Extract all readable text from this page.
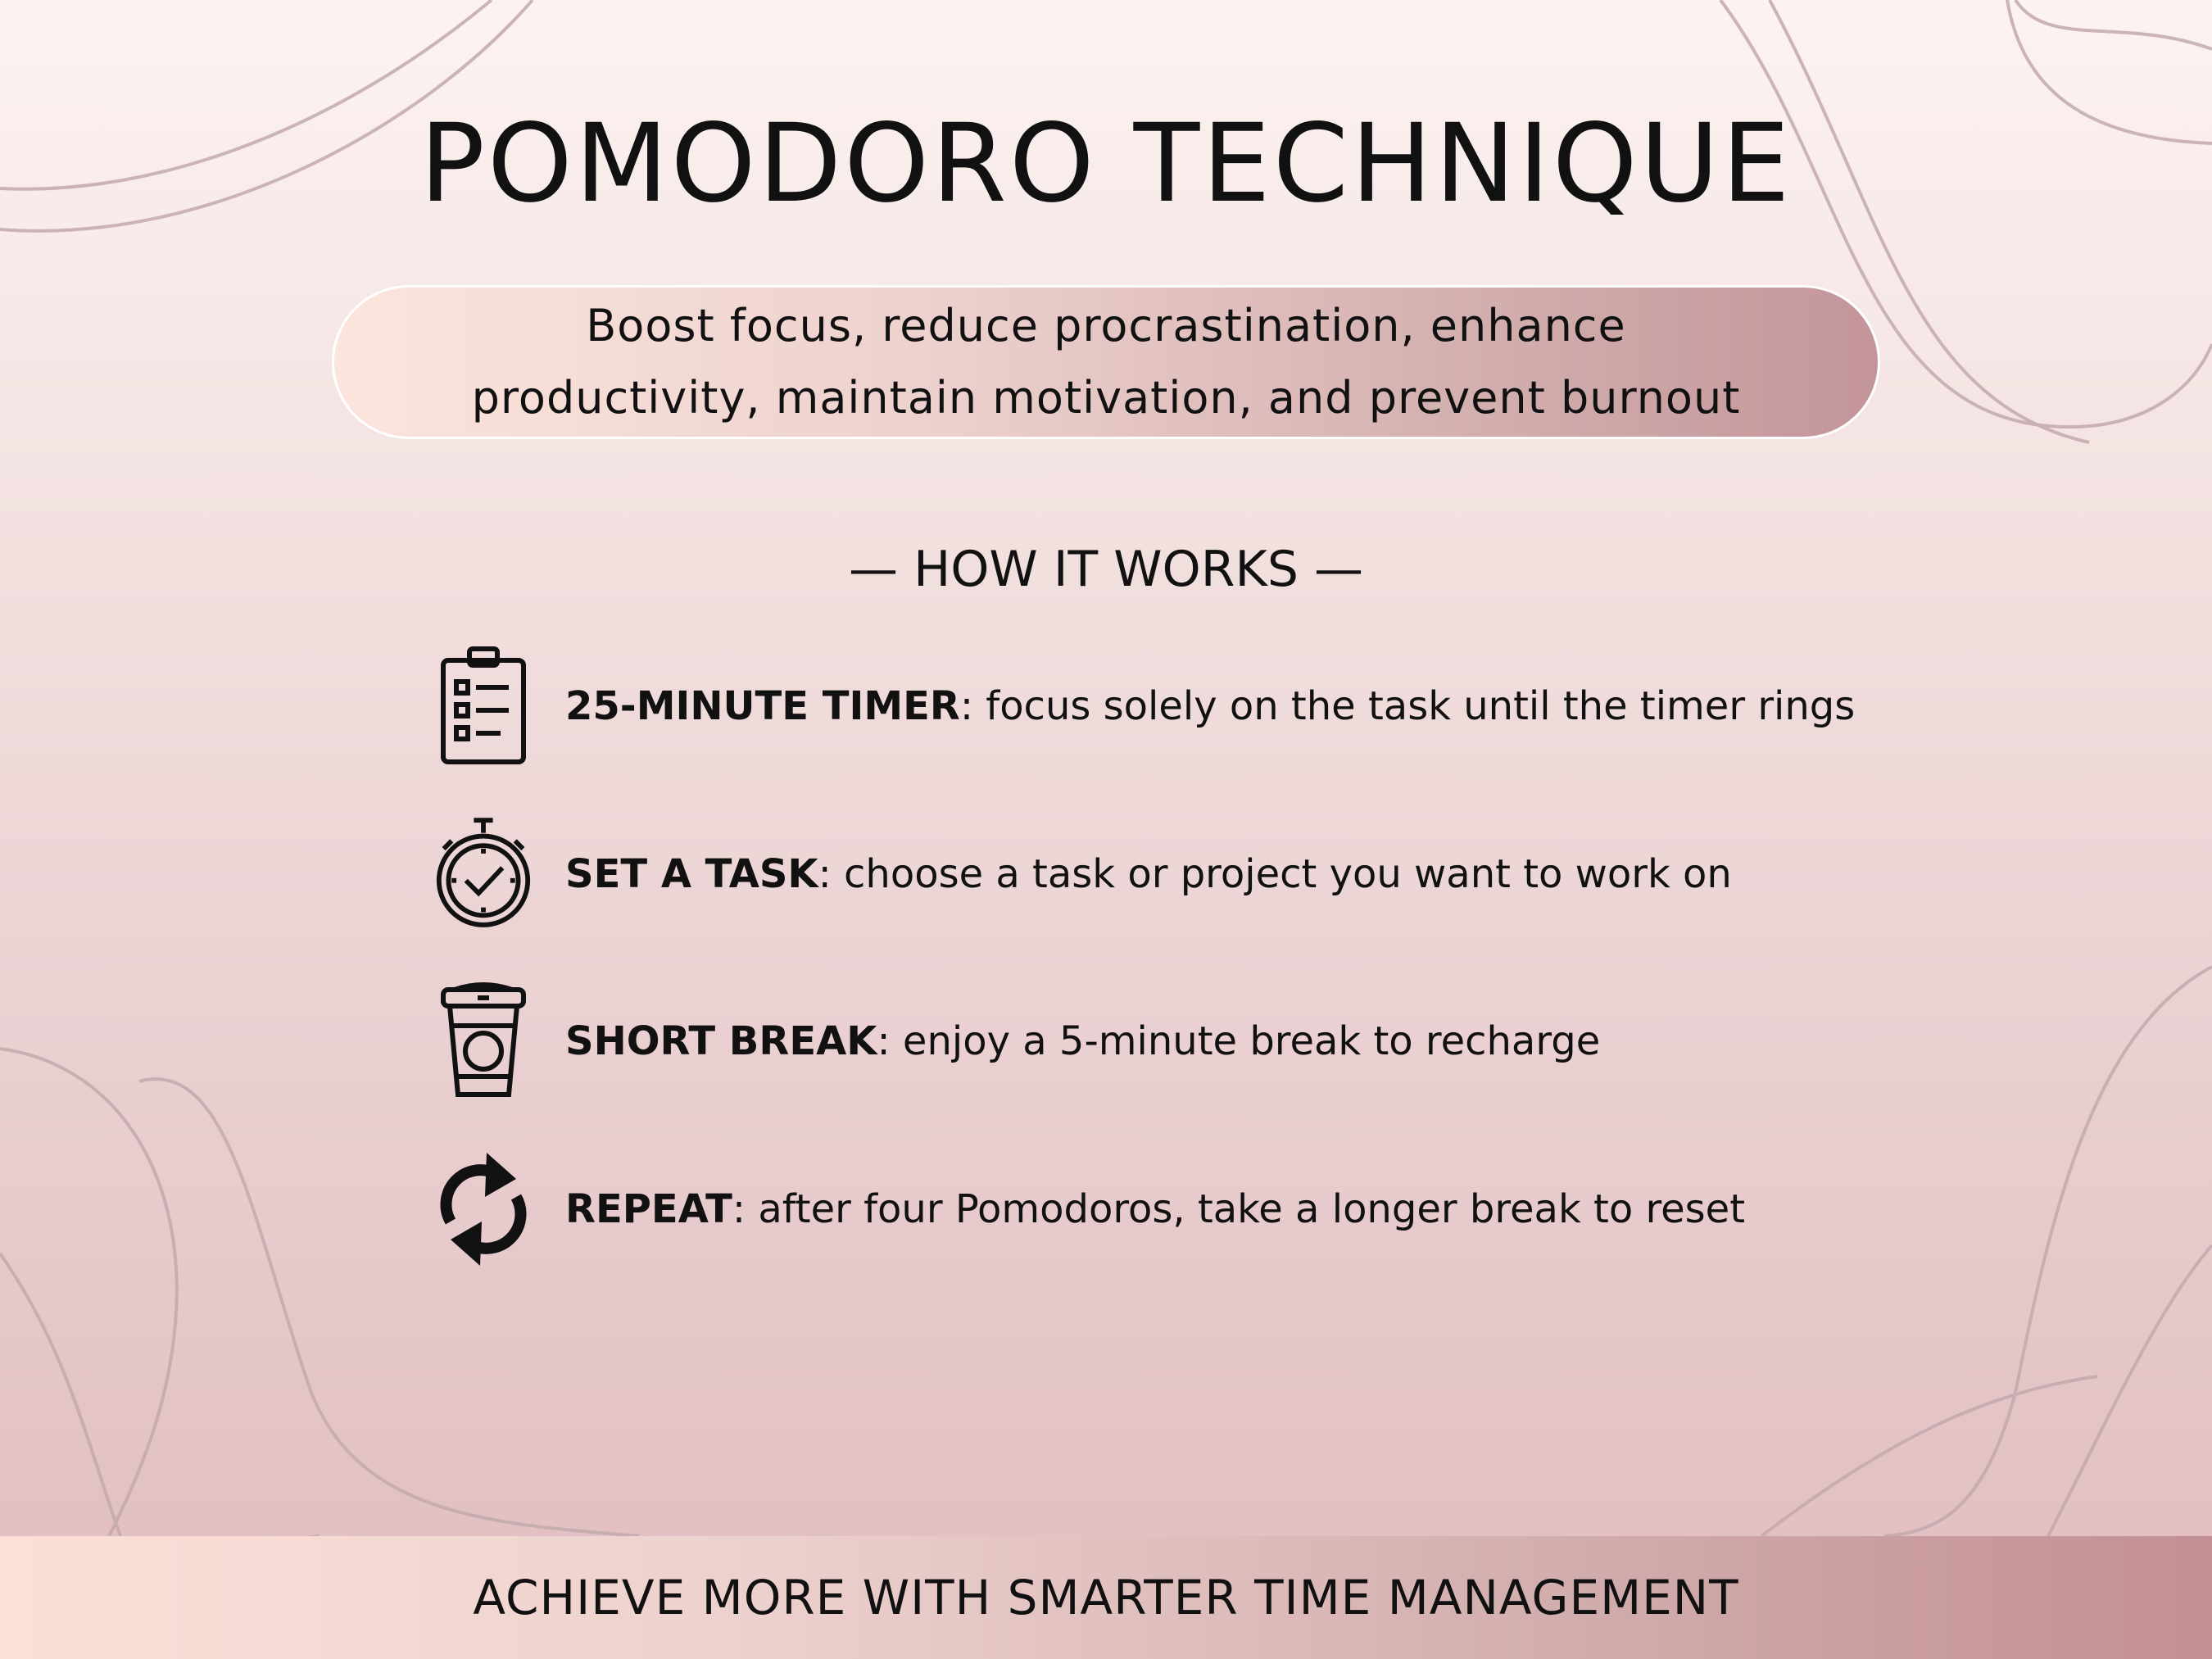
POMODORO TECHNIQUE
Boost focus, reduce procrastination, enhance
productivity, maintain motivation, and prevent burnout
— HOW IT WORKS —
25-MINUTE TIMER: focus solely on the task until the timer rings
SET A TASK: choose a task or project you want to work on
SHORT BREAK: enjoy a 5-minute break to recharge
REPEAT: after four Pomodoros, take a longer break to reset
ACHIEVE MORE WITH SMARTER TIME MANAGEMENT
